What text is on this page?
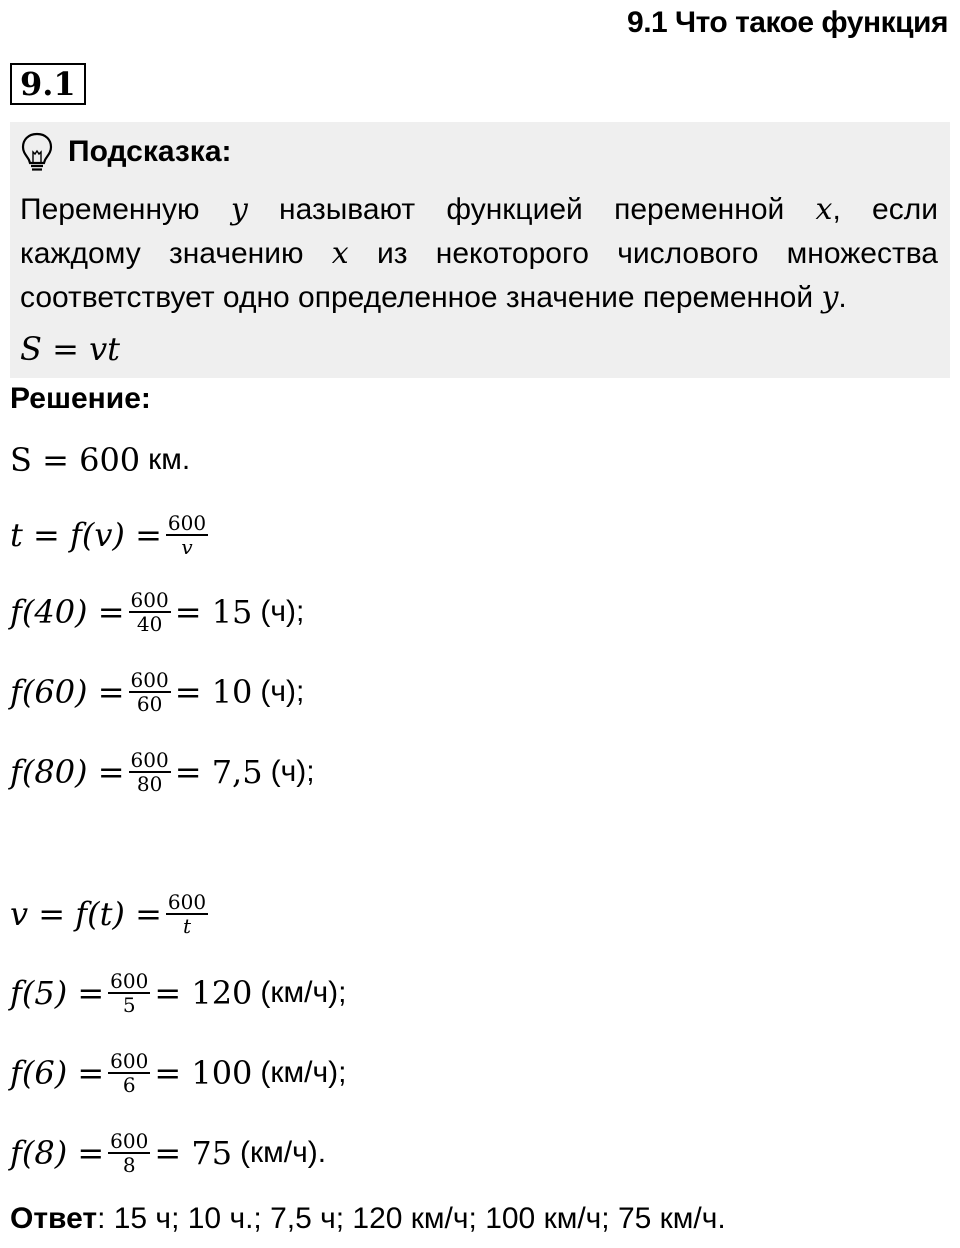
9.1 Что такое функция
9.1
Подсказка:
Переменную y называют функцией переменной x, если
каждому значению x из некоторого числового множества
соответствует одно определенное значение переменной y.
S = vt
Решение:
S = 600 км.
$t = f(v) = \frac{600}{v}$
$f(40) = \frac{600}{40} = 15$ (ч);
$f(60) = \frac{600}{60} = 10$ (ч);
$f(80) = \frac{600}{80} = 7,5$ (ч);
$v = f(t) = \frac{600}{t}$
$f(5) = \frac{600}{5} = 120$ (км/ч);
$f(6) = \frac{600}{6} = 100$ (км/ч);
$f(8) = \frac{600}{8} = 75$ (км/ч).
Ответ: 15 ч; 10 ч.; 7,5 ч; 120 км/ч; 100 км/ч; 75 км/ч.
